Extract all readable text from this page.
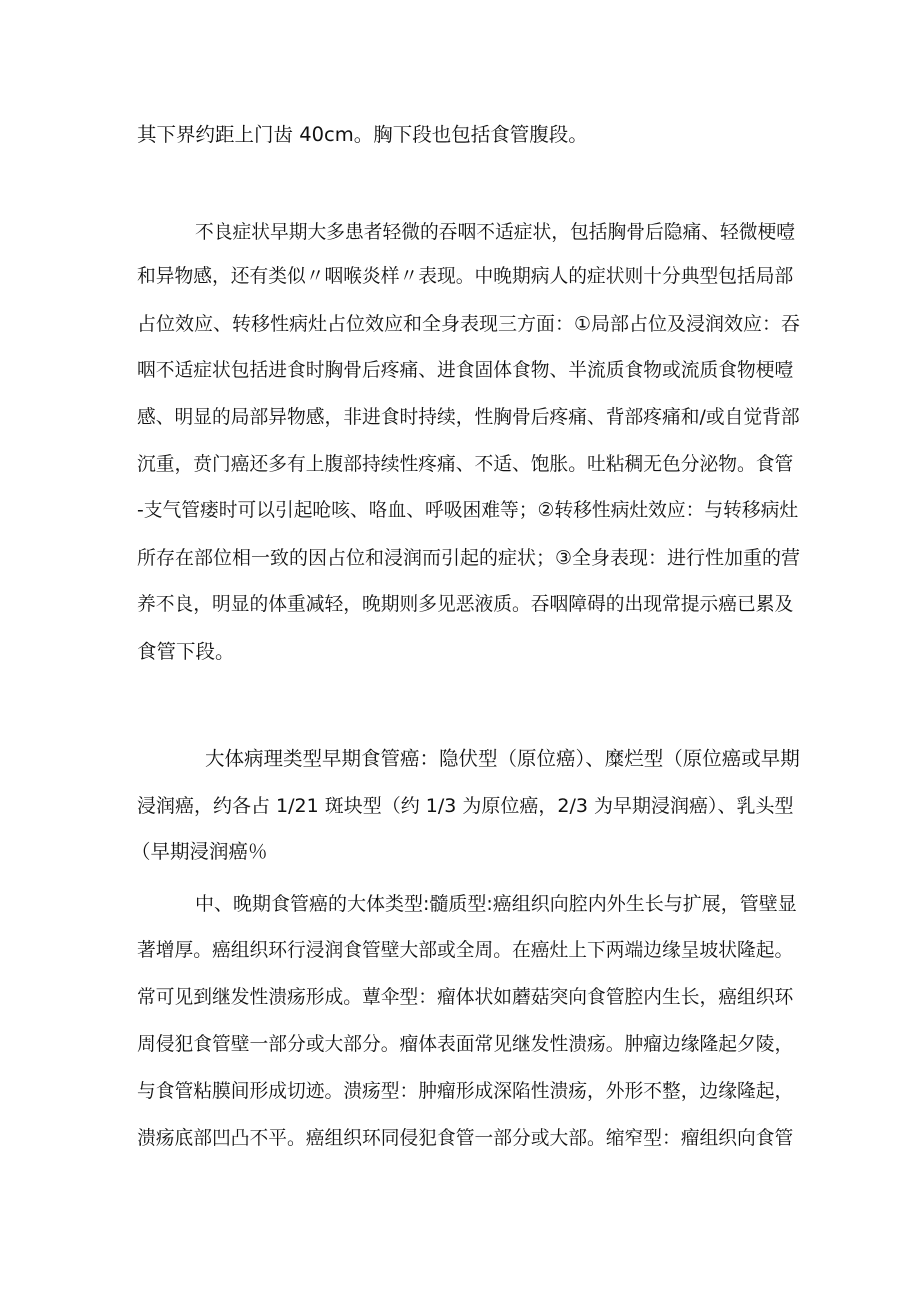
其下界约距上门齿 40cm。胸下段也包括食管腹段。
不良症状早期大多患者轻微的吞咽不适症状，包括胸骨后隐痛、轻微梗噎
和异物感，还有类似〃咽喉炎样〃表现。中晚期病人的症状则十分典型包括局部
占位效应、转移性病灶占位效应和全身表现三方面：①局部占位及浸润效应：吞
咽不适症状包括进食时胸骨后疼痛、进食固体食物、半流质食物或流质食物梗噎
感、明显的局部异物感，非进食时持续，性胸骨后疼痛、背部疼痛和/或自觉背部
沉重，贲门癌还多有上腹部持续性疼痛、不适、饱胀。吐粘稠无色分泌物。食管
-支气管瘘时可以引起呛咳、咯血、呼吸困难等；②转移性病灶效应：与转移病灶
所存在部位相一致的因占位和浸润而引起的症状；③全身表现：进行性加重的营
养不良，明显的体重减轻，晚期则多见恶液质。吞咽障碍的出现常提示癌已累及
食管下段。
大体病理类型早期食管癌：隐伏型（原位癌）、糜烂型（原位癌或早期
浸润癌，约各占 1/21 斑块型（约 1/3 为原位癌，2/3 为早期浸润癌）、乳头型
（早期浸润癌％
中、晚期食管癌的大体类型:髓质型:癌组织向腔内外生长与扩展，管壁显
著增厚。癌组织环行浸润食管壁大部或全周。在癌灶上下两端边缘呈坡状隆起。
常可见到继发性溃疡形成。蕈伞型：瘤体状如蘑菇突向食管腔内生长，癌组织环
周侵犯食管壁一部分或大部分。瘤体表面常见继发性溃疡。肿瘤边缘隆起夕陵，
与食管粘膜间形成切迹。溃疡型：肿瘤形成深陷性溃疡，外形不整，边缘隆起，
溃疡底部凹凸不平。癌组织环同侵犯食管一部分或大部。缩窄型：瘤组织向食管
